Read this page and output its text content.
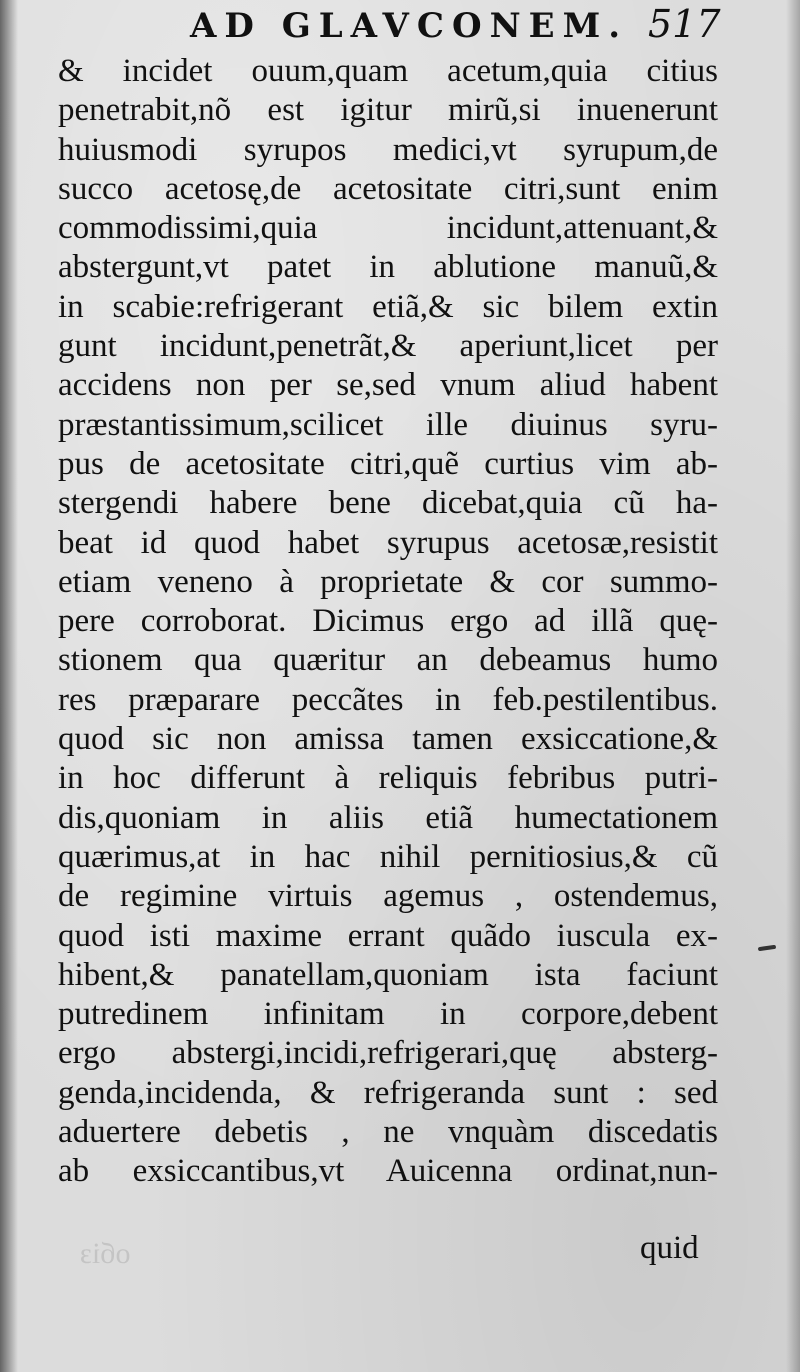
AD GLAVCONEM. 517
& incidet ouum,quam acetum,quia citius
penetrabit,nõ est igitur mirũ,si inuenerunt
huiusmodi syrupos medici,vt syrupum,de
succo acetosę,de acetositate citri,sunt enim
commodissimi,quia incidunt,attenuant,&
abstergunt,vt patet in ablutione manuũ,&
in scabie:refrigerant etiã,& sic bilem extin
gunt incidunt,penetrãt,& aperiunt,licet per
accidens non per se,sed vnum aliud habent
præstantissimum,scilicet ille diuinus syru-
pus de acetositate citri,quẽ curtius vim ab-
stergendi habere bene dicebat,quia cũ ha-
beat id quod habet syrupus acetosæ,resistit
etiam veneno à proprietate & cor summo-
pere corroborat. Dicimus ergo ad illã quę-
stionem qua quæritur an debeamus humo
res præparare peccãtes in feb.pestilentibus.
quod sic non amissa tamen exsiccatione,&
in hoc differunt à reliquis febribus putri-
dis,quoniam in aliis etiã humectationem
quærimus,at in hac nihil pernitiosius,& cũ
de regimine virtuis agemus , ostendemus,
quod isti maxime errant quãdo iuscula ex-
hibent,& panatellam,quoniam ista faciunt
putredinem infinitam in corpore,debent
ergo abstergi,incidi,refrigerari,quę absterg-
genda,incidenda, & refrigeranda sunt : sed
aduertere debetis , ne vnquàm discedatis
ab exsiccantibus,vt Auicenna ordinat,nun-
oбiз	quid
